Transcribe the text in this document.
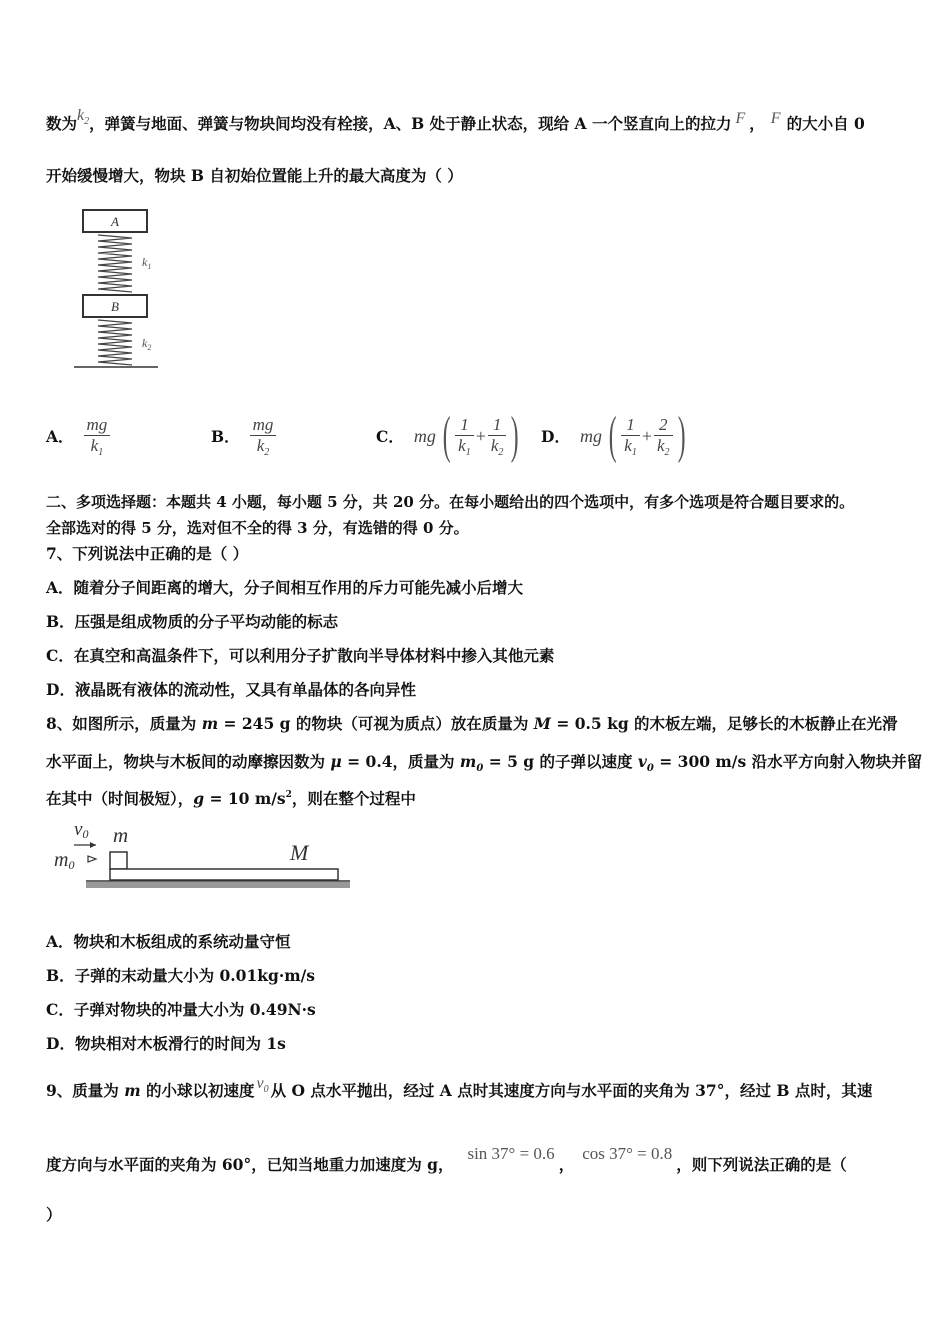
数为$k_2$，弹簧与地面、弹簧与物块间均没有栓接，A、B 处于静止状态，现给 A 一个竖直向上的拉力 F ， F 的大小自 0
开始缓慢增大，物块 B 自初始位置能上升的最大高度为（ ）
A
$k_1$
B
$k_2$
A． $\frac{mg}{k_1}$	B． $\frac{mg}{k_2}$	C． mg ( $\frac{1}{k_1} + \frac{1}{k_2}$ ) D． mg ( $\frac{1}{k_1} + \frac{2}{k_2}$ )
二、多项选择题：本题共 4 小题，每小题 5 分，共 20 分。在每小题给出的四个选项中，有多个选项是符合题目要求的。
全部选对的得 5 分，选对但不全的得 3 分，有选错的得 0 分。
7、下列说法中正确的是（ ）
A．随着分子间距离的增大，分子间相互作用的斥力可能先减小后增大
B．压强是组成物质的分子平均动能的标志
C．在真空和高温条件下，可以利用分子扩散向半导体材料中掺入其他元素
D．液晶既有液体的流动性，又具有单晶体的各向异性
8、如图所示，质量为 m = 245 g 的物块（可视为质点）放在质量为 M = 0.5 kg 的木板左端，足够长的木板静止在光滑
水平面上，物块与木板间的动摩擦因数为 μ = 0.4，质量为 $m_0 = 5$ g 的子弹以速度 $v_0 = 300$ m/s 沿水平方向射入物块并留
在其中（时间极短），g = 10 $m/s^2$，则在整个过程中
v0 m
m0	M
A．物块和木板组成的系统动量守恒
B．子弹的末动量大小为 0.01kg·m/s
C．子弹对物块的冲量大小为 0.49N·s
D．物块相对木板滑行的时间为 1s
9、质量为 m 的小球以初速度 $v_0$ 从 O 点水平抛出，经过 A 点时其速度方向与水平面的夹角为 37°，经过 B 点时，其速
度方向与水平面的夹角为 60°，已知当地重力加速度为 g，sin 37° = 0.6，cos 37° = 0.8，则下列说法正确的是（
）
